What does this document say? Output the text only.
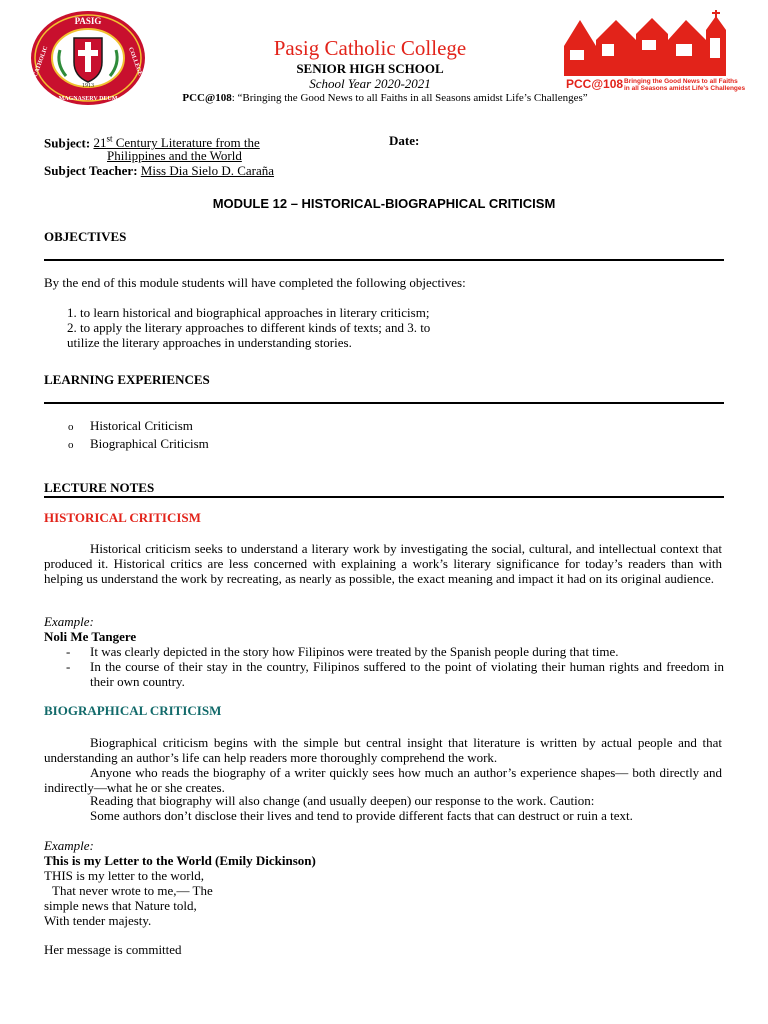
PASIG
CATHOLIC	COLLEGE
1913
MAGNASERV DEUM
Pasig Catholic College
SENIOR HIGH SCHOOL
School Year 2020-2021
PCC@108: “Bringing the Good News to all Faiths in all Seasons amidst Life’s Challenges”
PCC@108 Bringing the Good News to all Faiths
in all Seasons amidst Life's Challenges
Subject: 21st Century Literature from the
Philippines and the World
Date:
Subject Teacher: Miss Dia Sielo D. Caraña
MODULE 12 – HISTORICAL-BIOGRAPHICAL CRITICISM
OBJECTIVES
By the end of this module students will have completed the following objectives:
1. to learn historical and biographical approaches in literary criticism;
2. to apply the literary approaches to different kinds of texts; and 3. to
utilize the literary approaches in understanding stories.
LEARNING EXPERIENCES
o Historical Criticism
o Biographical Criticism
LECTURE NOTES
HISTORICAL CRITICISM
Historical criticism seeks to understand a literary work by investigating the social, cultural, and intellectual context that produced it. Historical critics are less concerned with explaining a work’s literary significance for today’s readers than with helping us understand the work by recreating, as nearly as possible, the exact meaning and impact it had on its original audience.
Example:
Noli Me Tangere
-	It was clearly depicted in the story how Filipinos were treated by the Spanish people during that time.
-	In the course of their stay in the country, Filipinos suffered to the point of violating their human rights and freedom in their own country.
BIOGRAPHICAL CRITICISM
Biographical criticism begins with the simple but central insight that literature is written by actual people and that understanding an author’s life can help readers more thoroughly comprehend the work.
Anyone who reads the biography of a writer quickly sees how much an author’s experience shapes— both directly and indirectly—what he or she creates.
Reading that biography will also change (and usually deepen) our response to the work. Caution:
Some authors don’t disclose their lives and tend to provide different facts that can destruct or ruin a text.
Example:
This is my Letter to the World (Emily Dickinson)
THIS is my letter to the world,
That never wrote to me,— The
simple news that Nature told,
With tender majesty.
Her message is committed
